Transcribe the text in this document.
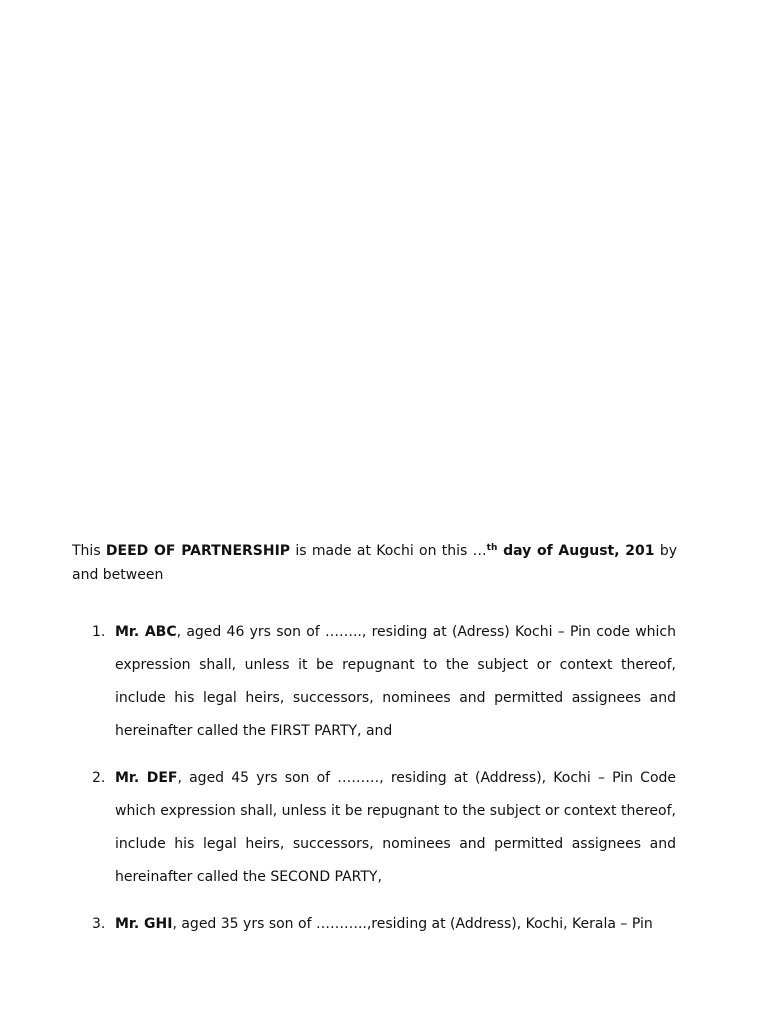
This DEED OF PARTNERSHIP is made at Kochi on this …$^{th}$ day of August, 201 by and between

1. Mr. ABC, aged 46 yrs son of …….., residing at (Adress) Kochi – Pin code which expression shall, unless it be repugnant to the subject or context thereof, include his legal heirs, successors, nominees and permitted assignees and hereinafter called the FIRST PARTY, and
2. Mr. DEF, aged 45 yrs son of ………, residing at (Address), Kochi – Pin Code which expression shall, unless it be repugnant to the subject or context thereof, include his legal heirs, successors, nominees and permitted assignees and hereinafter called the SECOND PARTY,
3. Mr. GHI, aged 35 yrs son of ………..,residing at (Address), Kochi, Kerala – Pin
